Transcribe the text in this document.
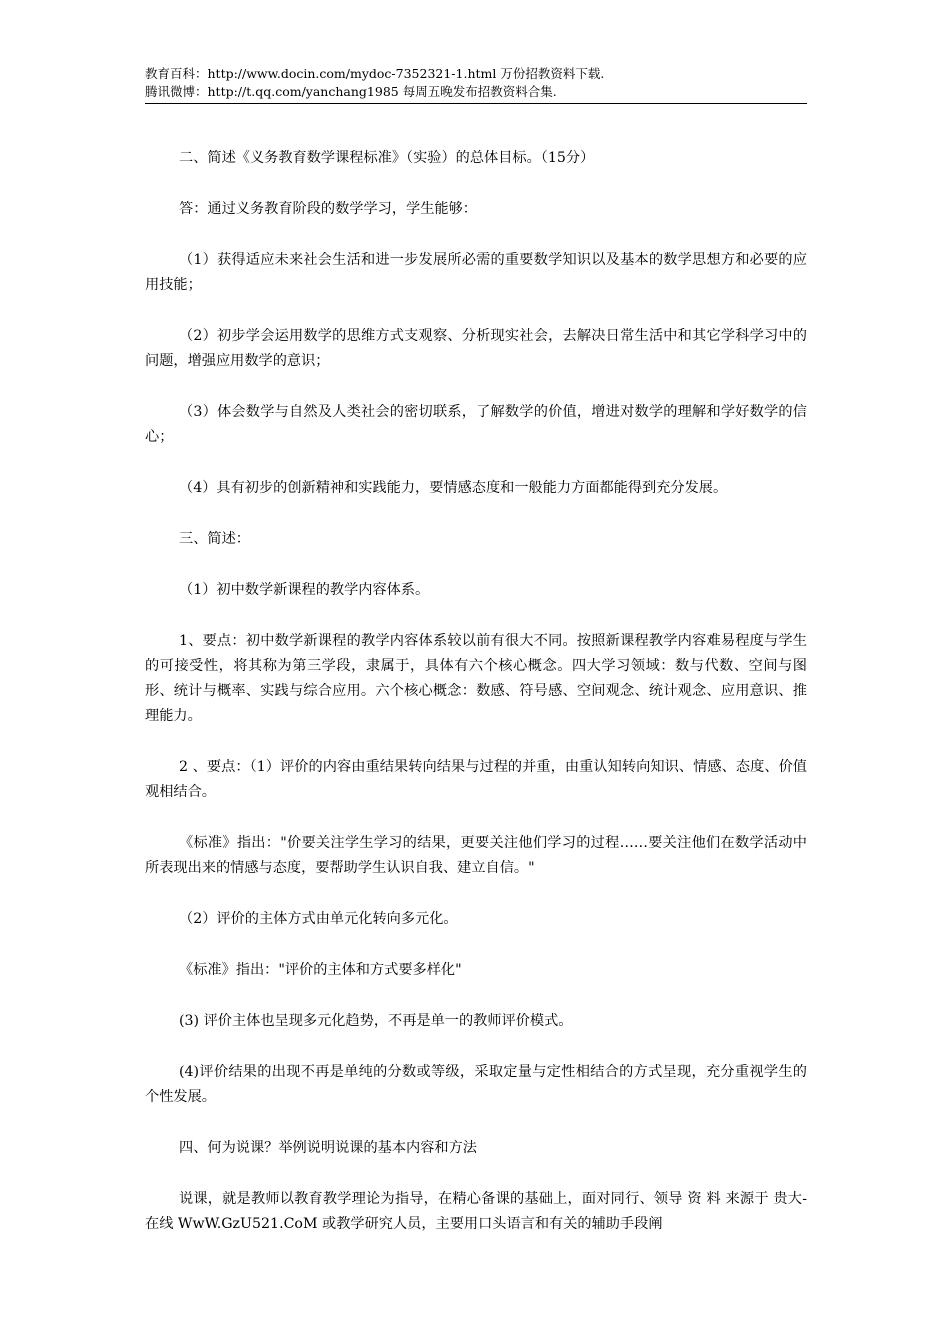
教育百科：http://www.docin.com/mydoc-7352321-1.html 万份招教资料下载.
腾讯微博：http://t.qq.com/yanchang1985 每周五晚发布招教资料合集.

二、简述《义务教育数学课程标准》（实验）的总体目标。（15分）

答：通过义务教育阶段的数学学习，学生能够：

（1）获得适应未来社会生活和进一步发展所必需的重要数学知识以及基本的数学思想方和必要的应用技能；

（2）初步学会运用数学的思维方式支观察、分析现实社会，去解决日常生活中和其它学科学习中的问题，增强应用数学的意识；

（3）体会数学与自然及人类社会的密切联系，了解数学的价值，增进对数学的理解和学好数学的信心；

（4）具有初步的创新精神和实践能力，要情感态度和一般能力方面都能得到充分发展。

三、简述：

（1）初中数学新课程的教学内容体系。

1、要点：初中数学新课程的教学内容体系较以前有很大不同。按照新课程教学内容难易程度与学生的可接受性，将其称为第三学段，隶属于，具体有六个核心概念。四大学习领域：数与代数、空间与图形、统计与概率、实践与综合应用。六个核心概念：数感、符号感、空间观念、统计观念、应用意识、推理能力。

2 、要点：（1）评价的内容由重结果转向结果与过程的并重，由重认知转向知识、情感、态度、价值观相结合。

《标准》指出："价要关注学生学习的结果，更要关注他们学习的过程……要关注他们在数学活动中所表现出来的情感与态度，要帮助学生认识自我、建立自信。"

（2）评价的主体方式由单元化转向多元化。

《标准》指出："评价的主体和方式要多样化"

(3) 评价主体也呈现多元化趋势，不再是单一的教师评价模式。

(4)评价结果的出现不再是单纯的分数或等级，采取定量与定性相结合的方式呈现，充分重视学生的个性发展。

四、何为说课？举例说明说课的基本内容和方法

说课，就是教师以教育教学理论为指导，在精心备课的基础上，面对同行、领导 资 料 来源于 贵大-在线 WwW.GzU521.CoM 或教学研究人员，主要用口头语言和有关的辅助手段阐
